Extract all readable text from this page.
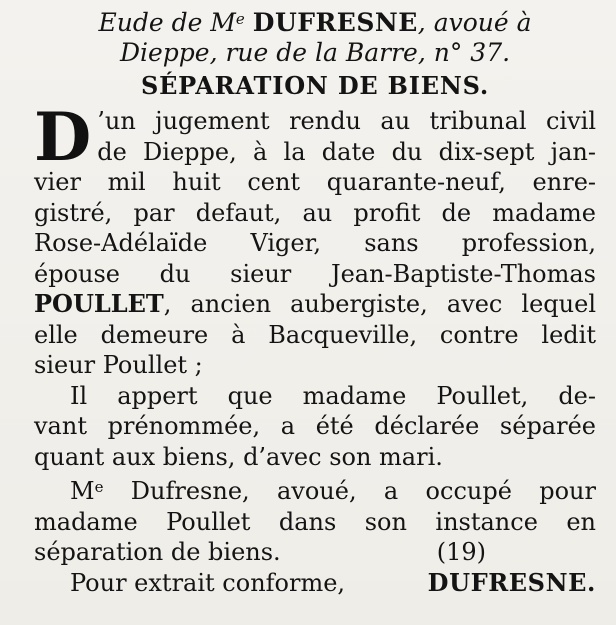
Eude de Me DUFRESNE, avoué à
Dieppe, rue de la Barre, n° 37.
SÉPARATION DE BIENS.
D ’un jugement rendu au tribunal civil
de Dieppe, à la date du dix-sept jan-
vier mil huit cent quarante-neuf, enre-
gistré, par defaut, au profit de madame
Rose-Adélaïde Viger, sans profession,
épouse du sieur Jean-Baptiste-Thomas
POULLET, ancien aubergiste, avec lequel
elle demeure à Bacqueville, contre ledit
sieur Poullet ;
Il appert que madame Poullet, de-
vant prénommée, a été déclarée séparée
quant aux biens, d’avec son mari.
Me Dufresne, avoué, a occupé pour
madame Poullet dans son instance en
séparation de biens.	(19)
Pour extrait conforme,	DUFRESNE.
